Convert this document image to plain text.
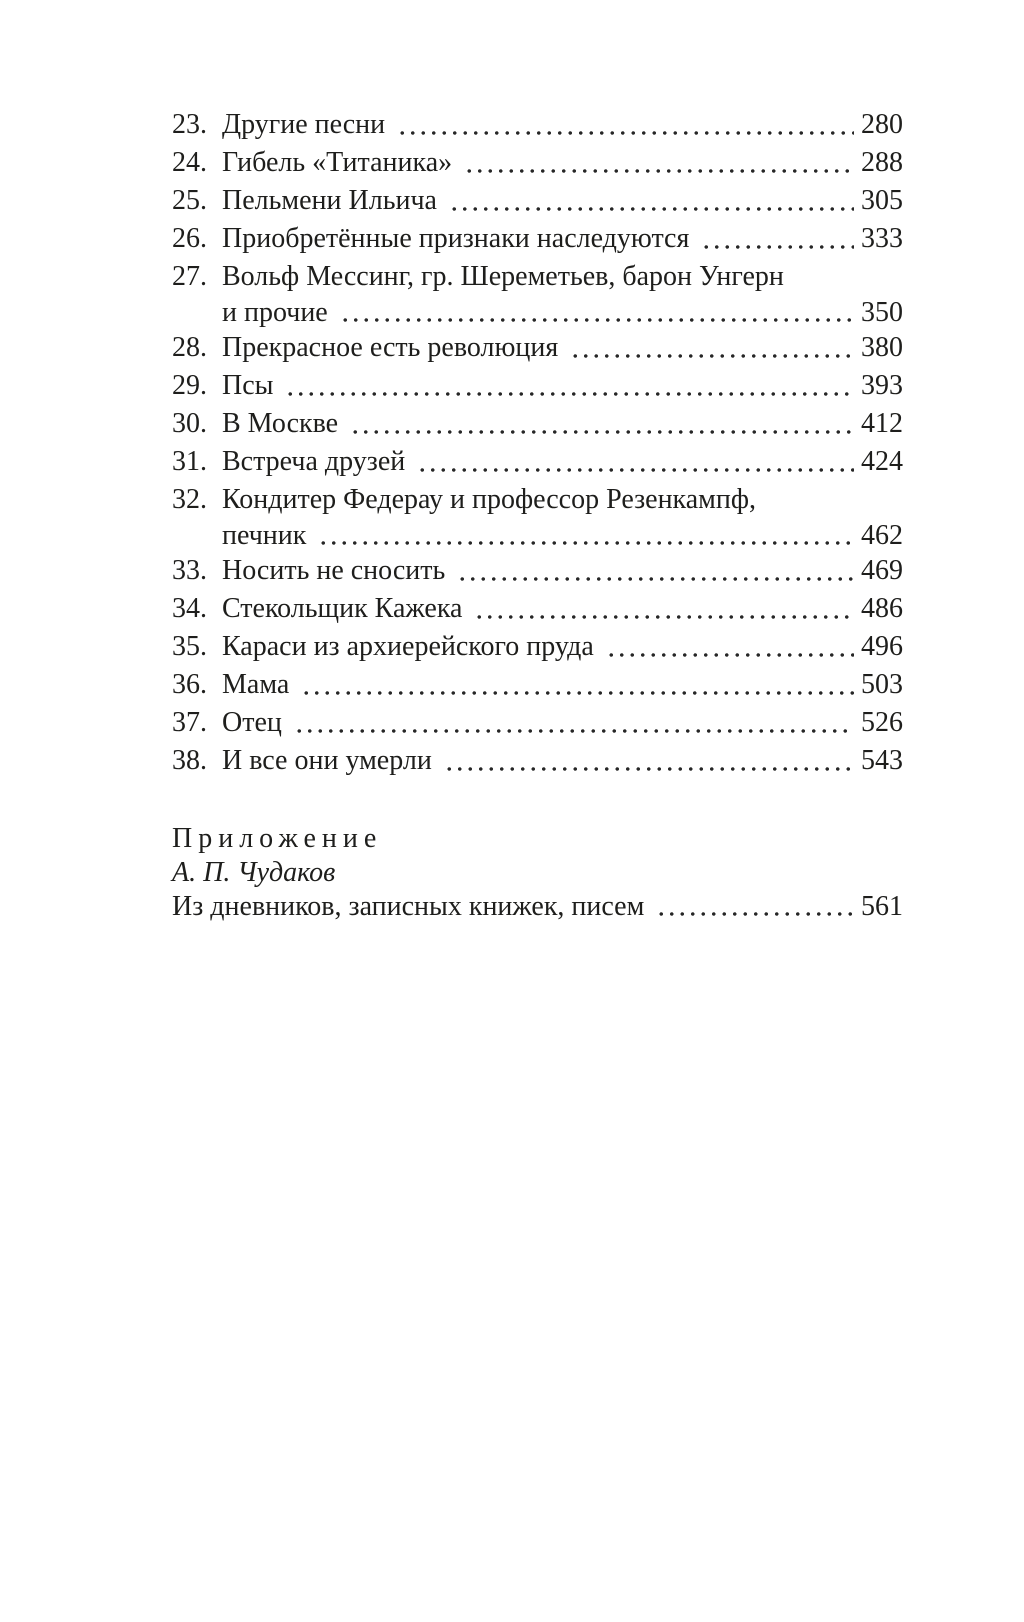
23. Другие песни	280
24. Гибель «Титаника»	288
25. Пельмени Ильича	305
26. Приобретённые признаки наследуются	333
27. Вольф Мессинг, гр. Шереметьев, барон Унгерн
и прочие	350
28. Прекрасное есть революция	380
29. Псы	393
30. В Москве	412
31. Встреча друзей	424
32. Кондитер Федерау и профессор Резенкампф,
печник	462
33. Носить не сносить	469
34. Стекольщик Кажека	486
35. Караси из архиерейского пруда	496
36. Мама	503
37. Отец	526
38. И все они умерли	543
Приложение
А. П. Чудаков
Из дневников, записных книжек, писем	561
